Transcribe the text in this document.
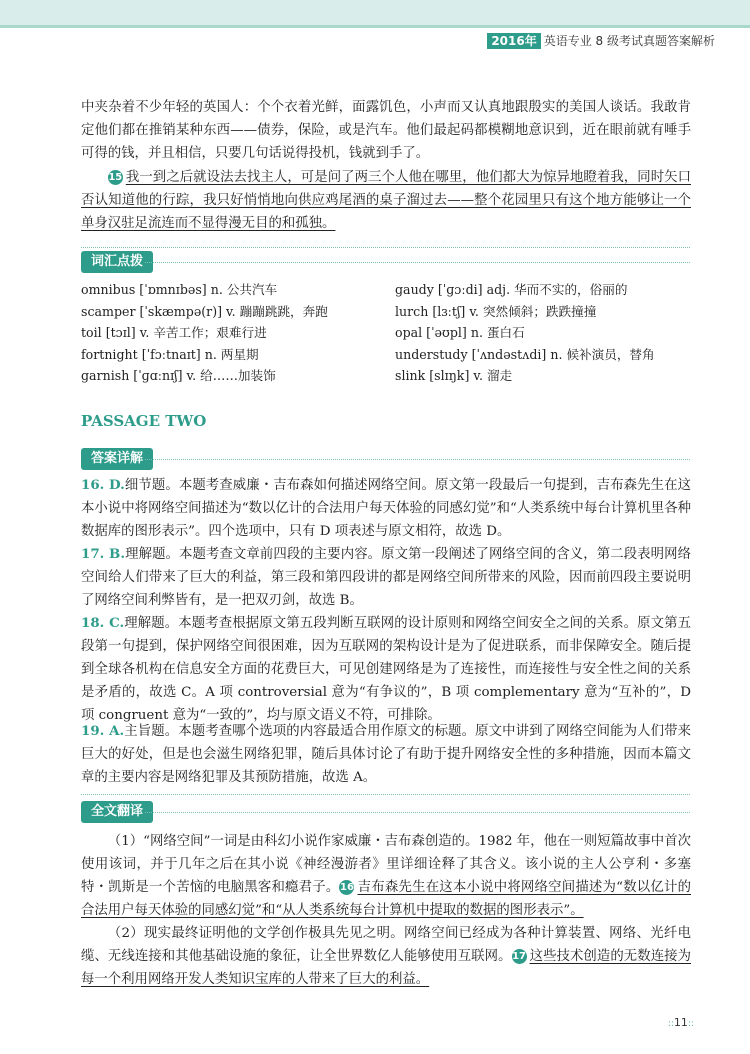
2016年 英语专业 8 级考试真题答案解析
中夹杂着不少年轻的英国人：个个衣着光鲜，面露饥色，小声而又认真地跟殷实的美国人谈话。我敢肯定他们都在推销某种东西——债券，保险，或是汽车。他们最起码都模糊地意识到，近在眼前就有唾手可得的钱，并且相信，只要几句话说得投机，钱就到手了。
15 我一到之后就设法去找主人，可是问了两三个人他在哪里，他们都大为惊异地瞪着我，同时矢口否认知道他的行踪，我只好悄悄地向供应鸡尾酒的桌子溜过去——整个花园里只有这个地方能够让一个单身汉驻足流连而不显得漫无目的和孤独。
词汇点拨
omnibus [ˈɒmnɪbəs] n. 公共汽车
scamper [ˈskæmpə(r)] v. 蹦蹦跳跳，奔跑
toil [tɔɪl] v. 辛苦工作；艰难行进
fortnight [ˈfɔːtnaɪt] n. 两星期
garnish [ˈɡɑːnɪʃ] v. 给……加装饰
gaudy [ˈɡɔːdi] adj. 华而不实的，俗丽的
lurch [lɜːtʃ] v. 突然倾斜；跌跌撞撞
opal [ˈəʊpl] n. 蛋白石
understudy [ˈʌndəstʌdi] n. 候补演员，替角
slink [slɪŋk] v. 溜走
PASSAGE TWO
答案详解
16. D.细节题。本题考查威廉・吉布森如何描述网络空间。原文第一段最后一句提到，吉布森先生在这本小说中将网络空间描述为“数以亿计的合法用户每天体验的同感幻觉”和“人类系统中每台计算机里各种数据库的图形表示”。四个选项中，只有 D 项表述与原文相符，故选 D。
17. B.理解题。本题考查文章前四段的主要内容。原文第一段阐述了网络空间的含义，第二段表明网络空间给人们带来了巨大的利益，第三段和第四段讲的都是网络空间所带来的风险，因而前四段主要说明了网络空间利弊皆有，是一把双刃剑，故选 B。
18. C.理解题。本题考查根据原文第五段判断互联网的设计原则和网络空间安全之间的关系。原文第五段第一句提到，保护网络空间很困难，因为互联网的架构设计是为了促进联系，而非保障安全。随后提到全球各机构在信息安全方面的花费巨大，可见创建网络是为了连接性，而连接性与安全性之间的关系是矛盾的，故选 C。A 项 controversial 意为“有争议的”，B 项 complementary 意为“互补的”，D 项 congruent 意为“一致的”，均与原文语义不符，可排除。
19. A.主旨题。本题考查哪个选项的内容最适合用作原文的标题。原文中讲到了网络空间能为人们带来巨大的好处，但是也会滋生网络犯罪，随后具体讨论了有助于提升网络安全性的多种措施，因而本篇文章的主要内容是网络犯罪及其预防措施，故选 A。
全文翻译
（1）“网络空间”一词是由科幻小说作家威廉・吉布森创造的。1982 年，他在一则短篇故事中首次使用该词，并于几年之后在其小说《神经漫游者》里详细诠释了其含义。该小说的主人公亨利・多塞特・凯斯是一个苦恼的电脑黑客和瘾君子。16 吉布森先生在这本小说中将网络空间描述为“数以亿计的合法用户每天体验的同感幻觉”和“从人类系统每台计算机中提取的数据的图形表示”。
（2）现实最终证明他的文学创作极具先见之明。网络空间已经成为各种计算装置、网络、光纤电缆、无线连接和其他基础设施的象征，让全世界数亿人能够使用互联网。17 这些技术创造的无数连接为每一个利用网络开发人类知识宝库的人带来了巨大的利益。
::11::
